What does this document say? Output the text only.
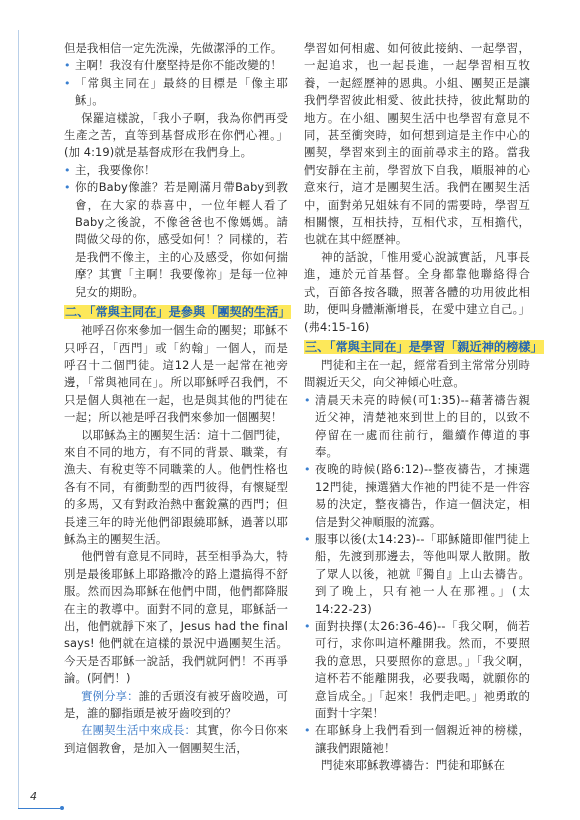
但是我相信一定先洗澡，先做潔淨的工作。

• 主啊！我沒有什麼堅持是你不能改變的！

• 「常與主同在」最終的目標是「像主耶穌」。

保羅這樣說，「我小子啊，我為你們再受生產之苦，直等到基督成形在你們心裡。」(加 4:19)就是基督成形在我們身上。

• 主，我要像你！

• 你的Baby像誰？若是剛滿月帶Baby到教會，在大家的恭喜中，一位年輕人看了Baby之後說，不像爸爸也不像媽媽。請問做父母的你，感受如何！？同樣的，若是我們不像主，主的心及感受，你如何揣摩？其實「主啊！我要像祢」是每一位神兒女的期盼。

二、「常與主同在」是參與「團契的生活」

祂呼召你來參加一個生命的團契；耶穌不只呼召，「西門」或「約翰」一個人，而是呼召十二個門徒。這12人是一起常在祂旁邊，「常與祂同在」。所以耶穌呼召我們，不只是個人與祂在一起，也是與其他的門徒在一起；所以祂是呼召我們來參加一個團契！

以耶穌為主的團契生活：這十二個門徒，來自不同的地方，有不同的背景、職業，有漁夫、有稅吏等不同職業的人。他們性格也各有不同，有衝動型的西門彼得，有懷疑型的多馬，又有對政治熱中奮銳黨的西門；但長達三年的時光他們卻跟繞耶穌，過著以耶穌為主的團契生活。

他們曾有意見不同時，甚至相爭為大，特別是最後耶穌上耶路撒冷的路上還搞得不舒服。然而因為耶穌在他們中間，他們都降服在主的教導中。面對不同的意見，耶穌話一出，他們就靜下來了，Jesus had the final says! 他們就在這樣的景況中過團契生活。今天是否耶穌一說話，我們就阿們！不再爭論。(阿們！)

實例分享：誰的舌頭沒有被牙齒咬過，可是，誰的腳指頭是被牙齒咬到的？

在團契生活中來成長：其實，你今日你來到這個教會，是加入一個團契生活，

學習如何相處、如何彼此接納、一起學習，一起追求，也一起長進，一起學習相互牧養，一起經歷神的恩典。小組、團契正是讓我們學習彼此相愛、彼此扶持，彼此幫助的地方。在小組、團契生活中也學習有意見不同，甚至衝突時，如何想到這是主作中心的團契，學習來到主的面前尋求主的路。當我們安靜在主前，學習放下自我，順服神的心意來行，這才是團契生活。我們在團契生活中，面對弟兄姐妹有不同的需要時，學習互相關懷，互相扶持，互相代求，互相擔代，也就在其中經歷神。

神的話說，「惟用愛心說誠實話，凡事長進，連於元首基督。全身都靠他聯絡得合式，百節各按各職，照著各體的功用彼此相助，便叫身體漸漸增長，在愛中建立自己。」(弗4:15-16)

三、「常與主同在」是學習「親近神的榜樣」

門徒和主在一起，經常看到主常常分別時間親近天父，向父神傾心吐意。

• 清晨天未亮的時候(可1:35)--藉著禱告親近父神，清楚祂來到世上的目的，以致不停留在一處而往前行，繼續作傳道的事奉。

• 夜晚的時候(路6:12)--整夜禱告，才揀選12門徒，揀選猶大作祂的門徒不是一件容易的決定，整夜禱告，作這一個決定，相信是對父神順服的流露。

• 服事以後(太14:23)--「耶穌隨即催門徒上船，先渡到那邊去，等他叫眾人散開。散了眾人以後，祂就『獨自』上山去禱告。到了晚上，只有祂一人在那裡。」(太14:22-23)

• 面對抉擇(太26:36-46)--「我父啊，倘若可行，求你叫這杯離開我。然而，不要照我的意思，只要照你的意思。」「我父啊，這杯若不能離開我，必要我喝，就願你的意旨成全。」「起來！我們走吧。」祂勇敢的面對十字架！

• 在耶穌身上我們看到一個親近神的榜樣，讓我們跟隨祂！

門徒來耶穌教導禱告：門徒和耶穌在

4
